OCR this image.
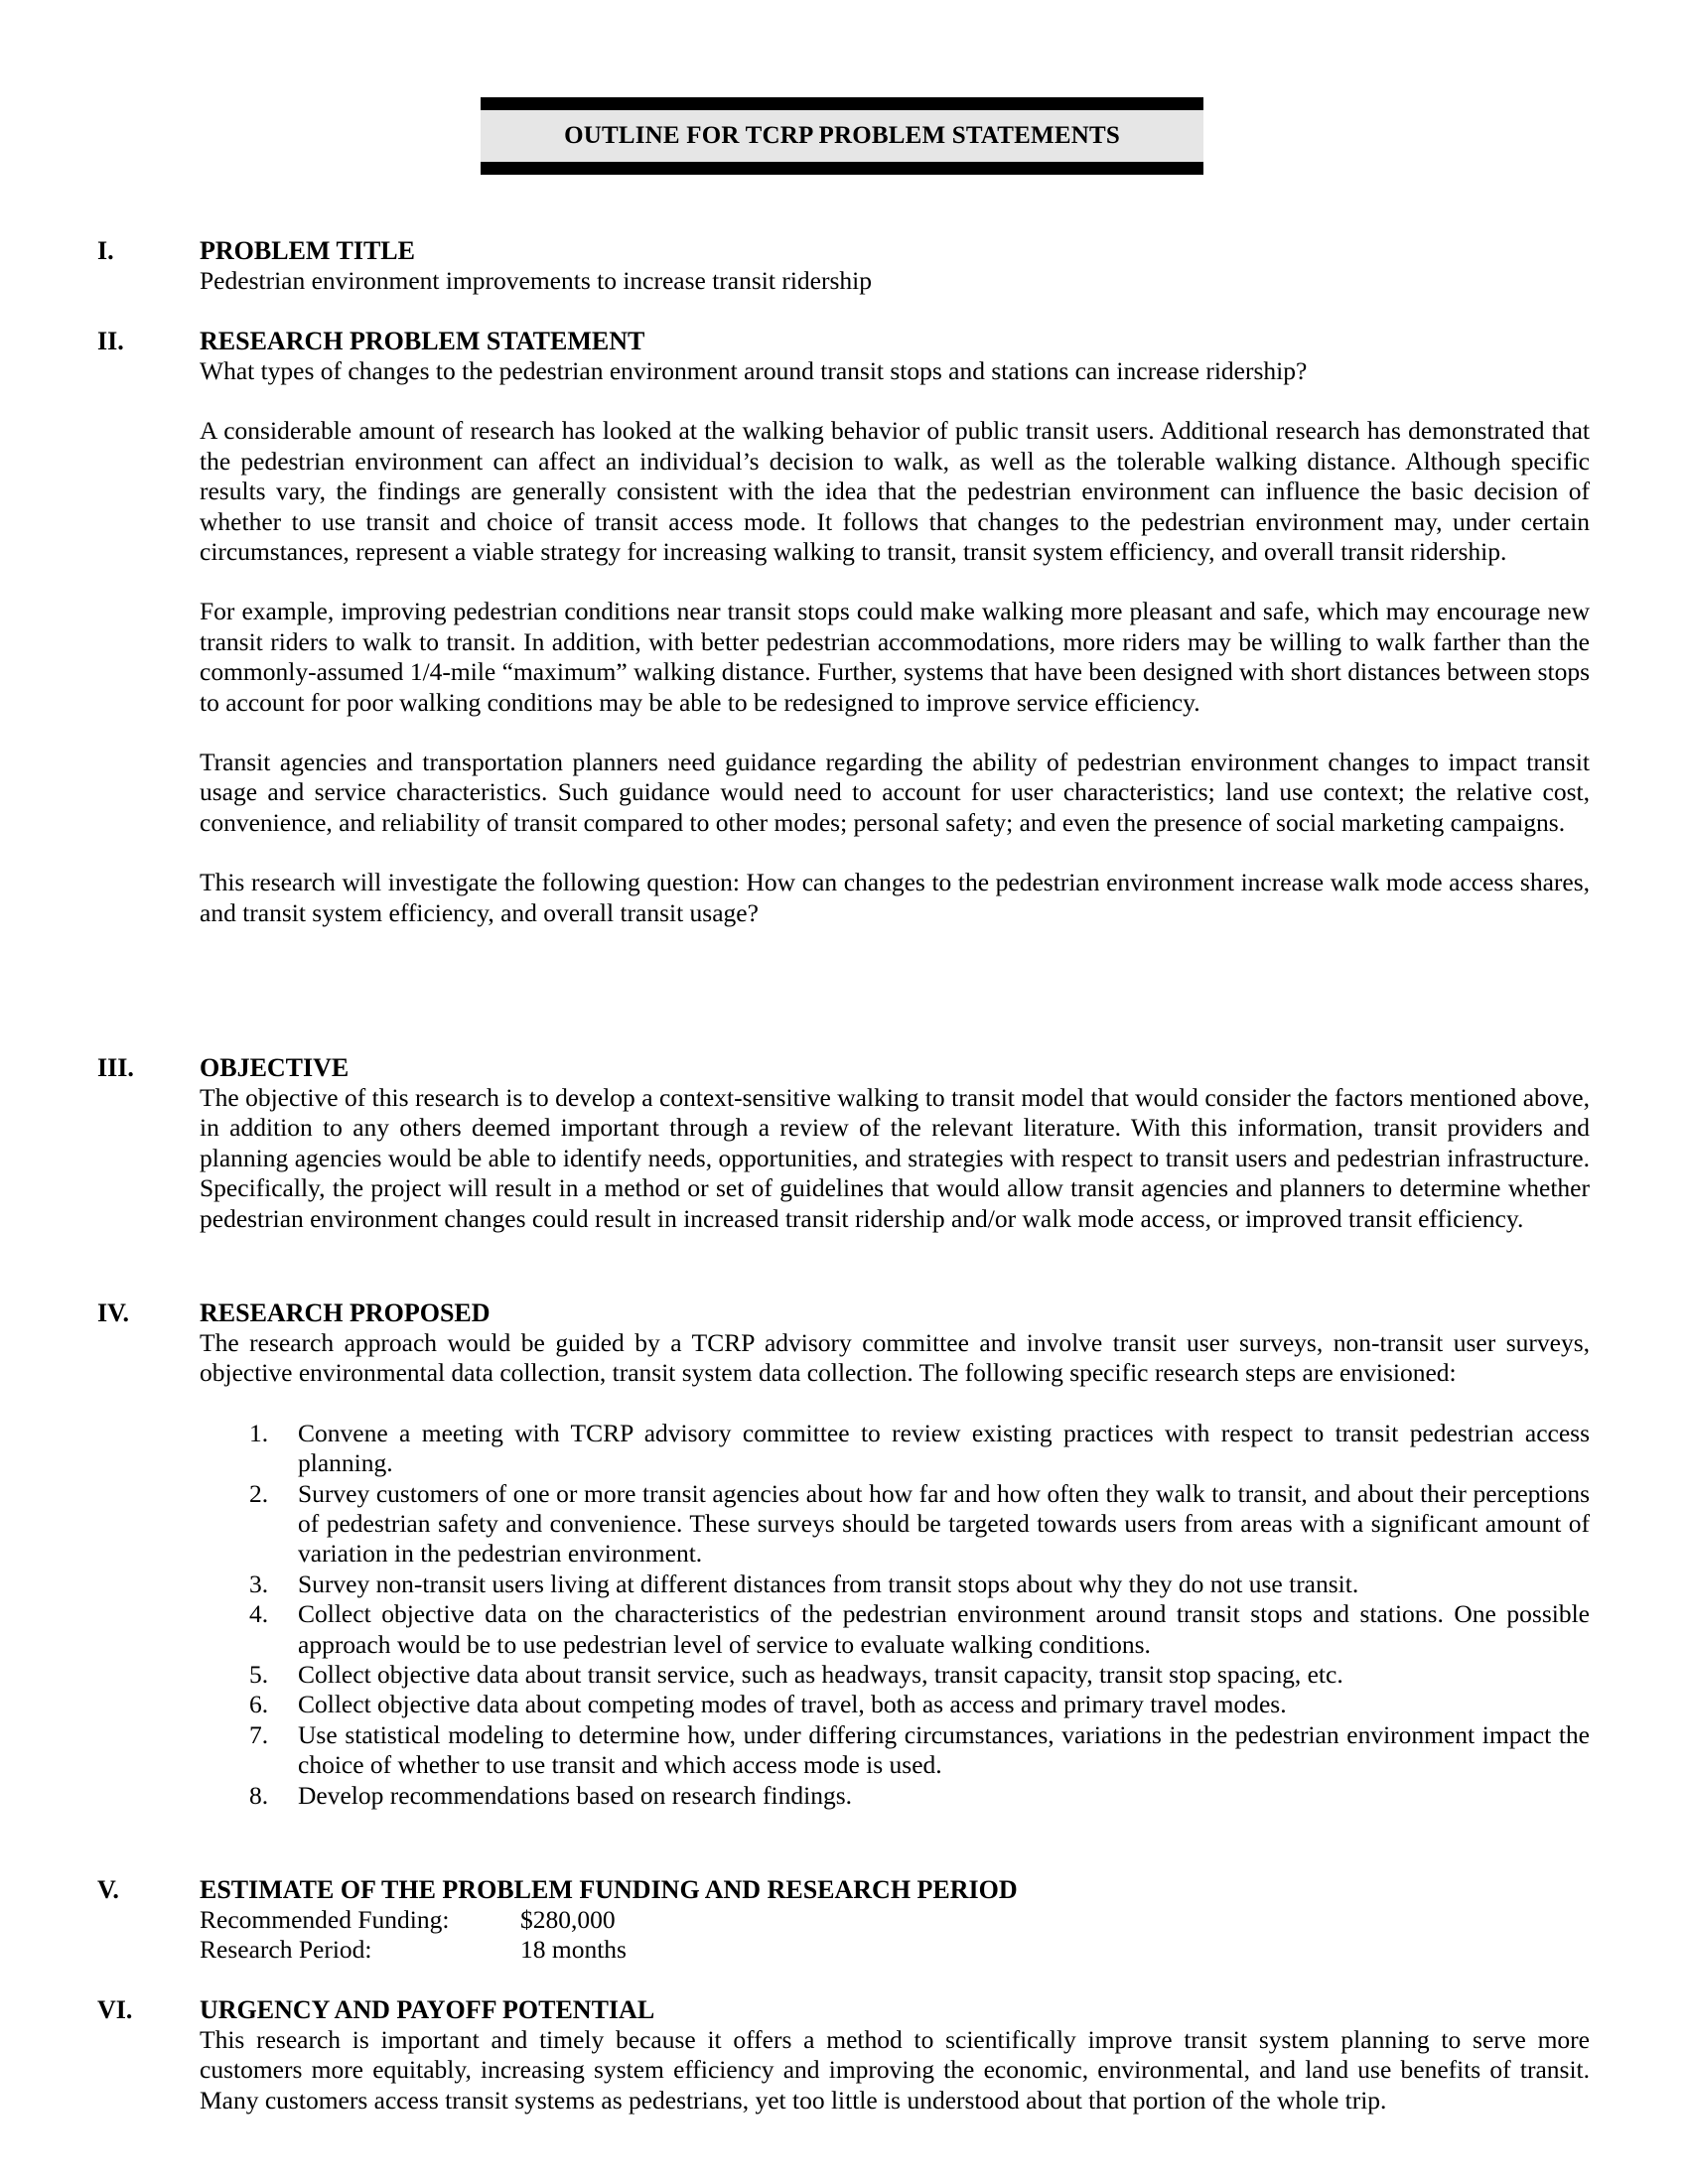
OUTLINE FOR TCRP PROBLEM STATEMENTS
I.	PROBLEM TITLE

Pedestrian environment improvements to increase transit ridership

II.	RESEARCH PROBLEM STATEMENT

What types of changes to the pedestrian environment around transit stops and stations can increase ridership?

A considerable amount of research has looked at the walking behavior of public transit users. Additional research has demonstrated that the pedestrian environment can affect an individual’s decision to walk, as well as the tolerable walking distance. Although specific results vary, the findings are generally consistent with the idea that the pedestrian environment can influence the basic decision of whether to use transit and choice of transit access mode. It follows that changes to the pedestrian environment may, under certain circumstances, represent a viable strategy for increasing walking to transit, transit system efficiency, and overall transit ridership.

For example, improving pedestrian conditions near transit stops could make walking more pleasant and safe, which may encourage new transit riders to walk to transit. In addition, with better pedestrian accommodations, more riders may be willing to walk farther than the commonly-assumed 1/4-mile “maximum” walking distance. Further, systems that have been designed with short distances between stops to account for poor walking conditions may be able to be redesigned to improve service efficiency.

Transit agencies and transportation planners need guidance regarding the ability of pedestrian environment changes to impact transit usage and service characteristics. Such guidance would need to account for user characteristics; land use context; the relative cost, convenience, and reliability of transit compared to other modes; personal safety; and even the presence of social marketing campaigns.

This research will investigate the following question: How can changes to the pedestrian environment increase walk mode access shares, and transit system efficiency, and overall transit usage?

III.	OBJECTIVE

The objective of this research is to develop a context-sensitive walking to transit model that would consider the factors mentioned above, in addition to any others deemed important through a review of the relevant literature. With this information, transit providers and planning agencies would be able to identify needs, opportunities, and strategies with respect to transit users and pedestrian infrastructure. Specifically, the project will result in a method or set of guidelines that would allow transit agencies and planners to determine whether pedestrian environment changes could result in increased transit ridership and/or walk mode access, or improved transit efficiency.

IV.	RESEARCH PROPOSED

The research approach would be guided by a TCRP advisory committee and involve transit user surveys, non-transit user surveys, objective environmental data collection, transit system data collection. The following specific research steps are envisioned:

1. Convene a meeting with TCRP advisory committee to review existing practices with respect to transit pedestrian access planning.
2. Survey customers of one or more transit agencies about how far and how often they walk to transit, and about their perceptions of pedestrian safety and convenience. These surveys should be targeted towards users from areas with a significant amount of variation in the pedestrian environment.
3. Survey non-transit users living at different distances from transit stops about why they do not use transit.
4. Collect objective data on the characteristics of the pedestrian environment around transit stops and stations. One possible approach would be to use pedestrian level of service to evaluate walking conditions.
5. Collect objective data about transit service, such as headways, transit capacity, transit stop spacing, etc.
6. Collect objective data about competing modes of travel, both as access and primary travel modes.
7. Use statistical modeling to determine how, under differing circumstances, variations in the pedestrian environment impact the choice of whether to use transit and which access mode is used.
8. Develop recommendations based on research findings.
V.	ESTIMATE OF THE PROBLEM FUNDING AND RESEARCH PERIOD
Recommended Funding:	$280,000
Research Period:	18 months
VI.	URGENCY AND PAYOFF POTENTIAL

This research is important and timely because it offers a method to scientifically improve transit system planning to serve more customers more equitably, increasing system efficiency and improving the economic, environmental, and land use benefits of transit. Many customers access transit systems as pedestrians, yet too little is understood about that portion of the whole trip.
